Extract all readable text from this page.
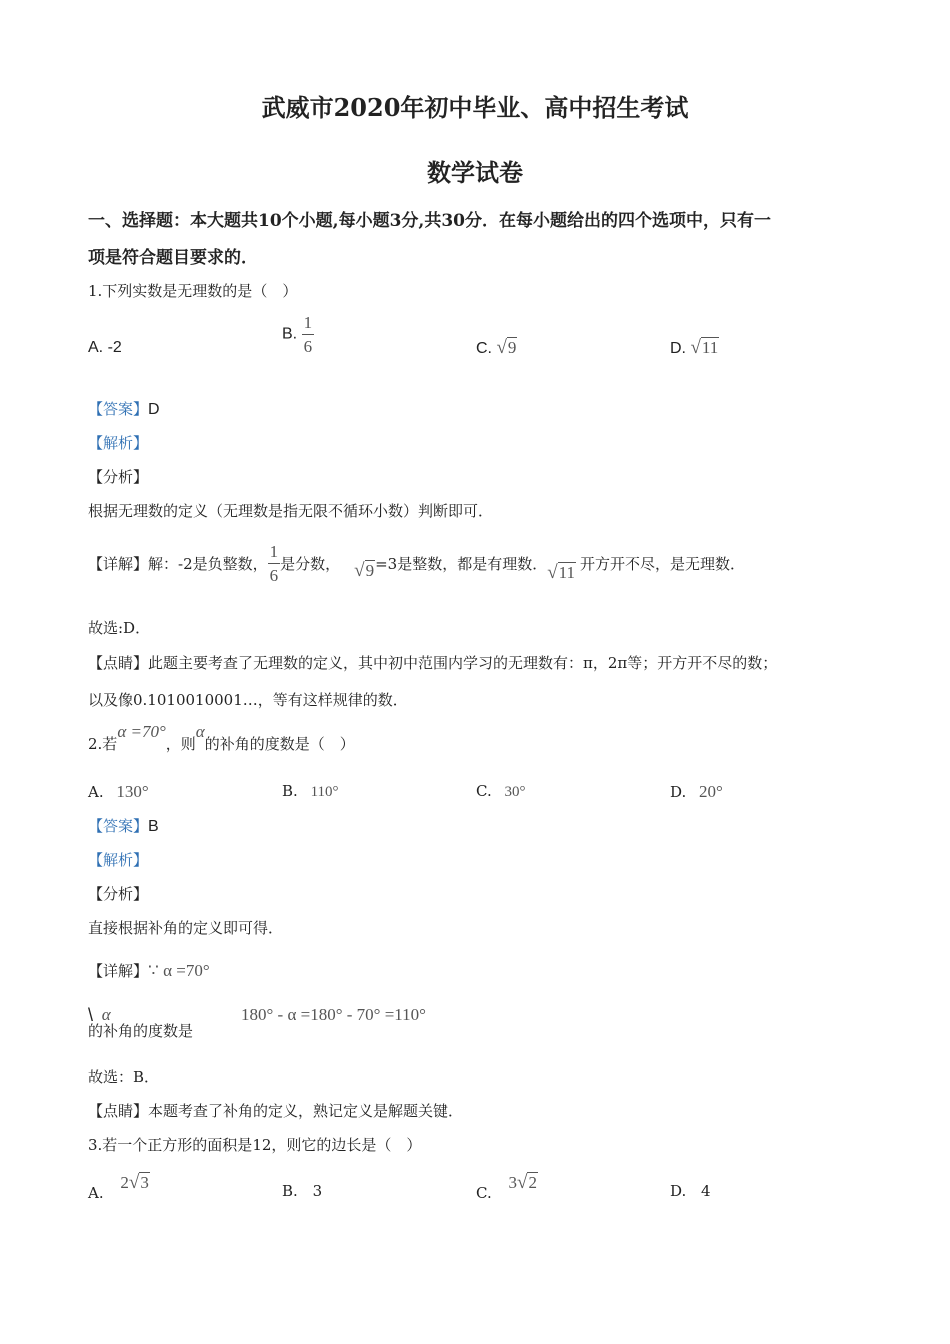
武威市2020年初中毕业、高中招生考试
数学试卷
一、选择题：本大题共10个小题,每小题3分,共30分．在每小题给出的四个选项中，只有一
项是符合题目要求的．
1.下列实数是无理数的是（　）
A. -2
B. $\frac{1}{6}$	C. √9	D. √11
【答案】D
【解析】
【分析】
根据无理数的定义（无理数是指无限不循环小数）判断即可．
【详解】解：-2是负整数， $\frac{1}{6}$ 是分数， √9=3是整数，都是有理数．√11 开方开不尽，是无理数．
故选:D．
【点睛】此题主要考查了无理数的定义，其中初中范围内学习的无理数有：π，2π等；开方开不尽的数；
以及像0.1010010001…，等有这样规律的数．
2.若α =70°，则α的补角的度数是（　）
A. 130°	B. 110°	C. 30°	D. 20°
【答案】B
【解析】
【分析】
直接根据补角的定义即可得．
【详解】∵ α =70°
\ α
的补角的度数是
180° - α =180° - 70° =110°
故选：B．
【点睛】本题考查了补角的定义，熟记定义是解题关键．
3.若一个正方形的面积是12，则它的边长是（　）
A. 2√3	B. 3	C. 3√2	D. 4
